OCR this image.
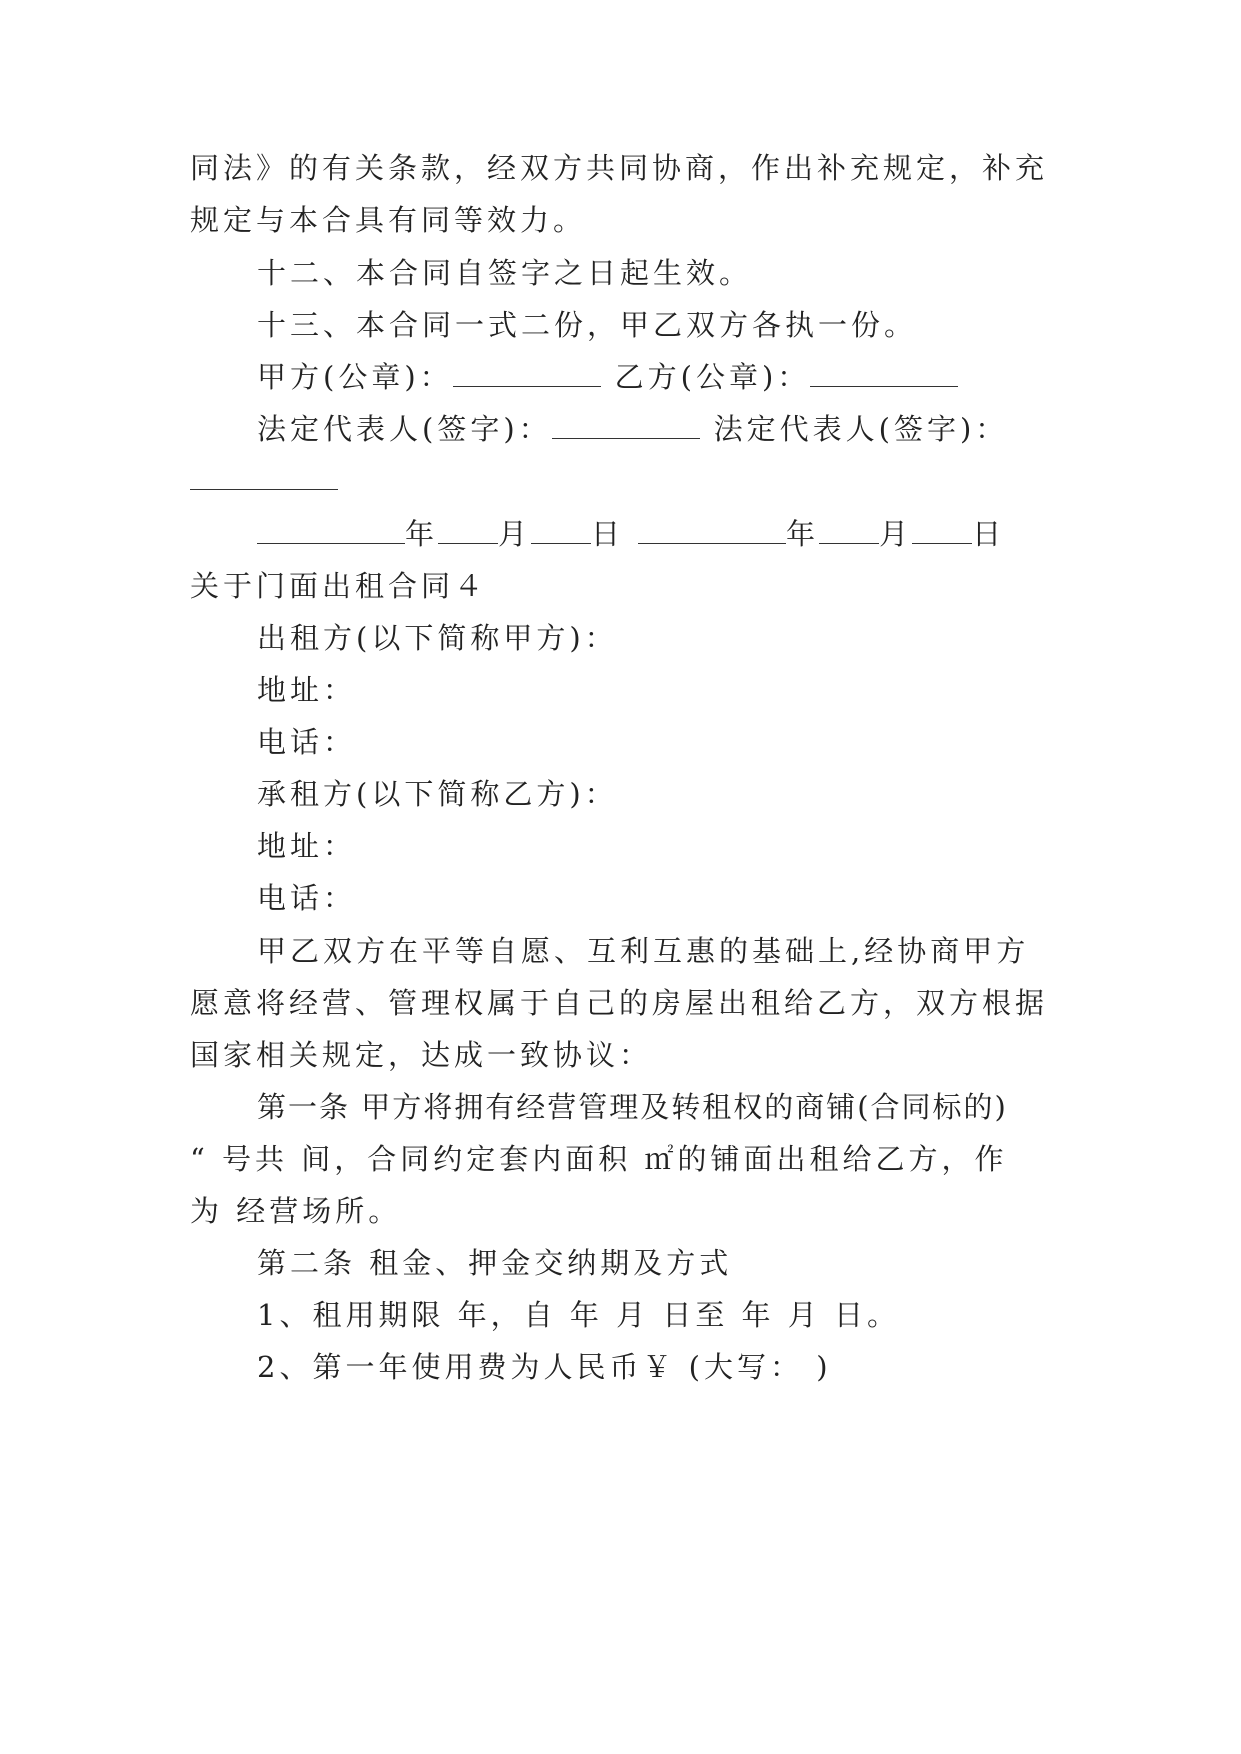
同法》的有关条款，经双方共同协商，作出补充规定，补充
规定与本合具有同等效力。
十二、本合同自签字之日起生效。
十三、本合同一式二份，甲乙双方各执一份。
甲方(公章)：	乙方(公章)：
法定代表人(签字)：	法定代表人(签字)：
年 月 日	年 月 日
关于门面出租合同４
出租方(以下简称甲方)：
地址：
电话：
承租方(以下简称乙方)：
地址：
电话：
甲乙双方在平等自愿、互利互惠的基础上,经协商甲方
愿意将经营、管理权属于自己的房屋出租给乙方，双方根据
国家相关规定，达成一致协议：
第一条 甲方将拥有经营管理及转租权的商铺(合同标的)
“ 号共 间，合同约定套内面积 ㎡的铺面出租给乙方，作
为 经营场所。
第二条 租金、押金交纳期及方式
1、租用期限 年，自 年 月 日至 年 月 日。
2、第一年使用费为人民币￥ (大写： )
